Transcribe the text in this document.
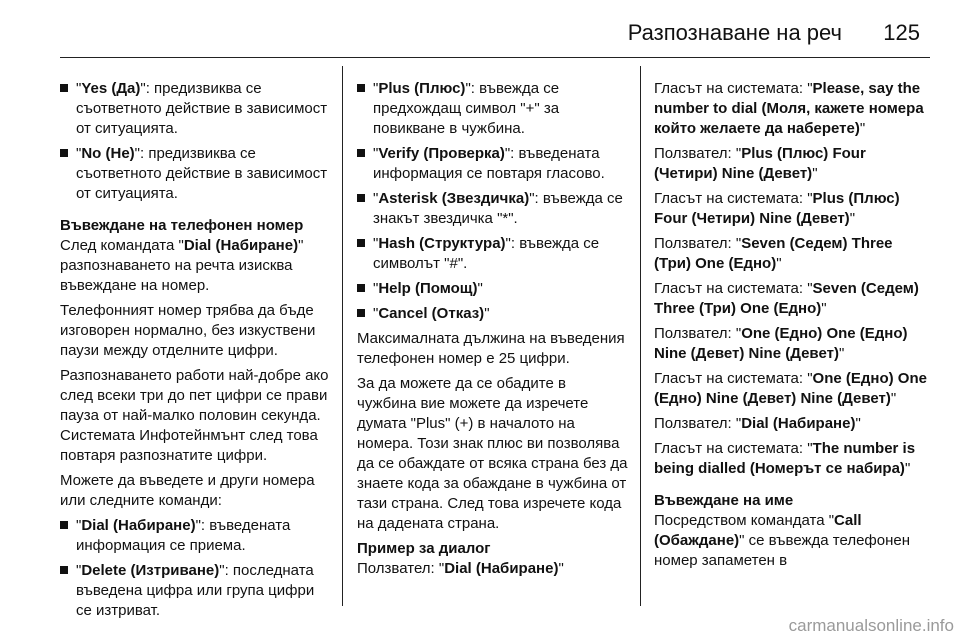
Разпознаване на реч 125
"Yes (Да)": предизвиква се съответното действие в зависимост от ситуацията.
"No (Не)": предизвиква се съответното действие в зависимост от ситуацията.

Въвеждане на телефонен номер

След командата "Dial (Набиране)" разпознаването на речта изисква въвеждане на номер.

Телефонният номер трябва да бъде изговорен нормално, без изкуствени паузи между отделните цифри.

Разпознаването работи най-добре ако след всеки три до пет цифри се прави пауза от най-малко половин секунда. Системата Инфотейнмънт след това повтаря разпознатите цифри.

Можете да въведете и други номера или следните команди:

"Dial (Набиране)": въведената информация се приема.
"Delete (Изтриване)": последната въведена цифра или група цифри се изтриват.
"Plus (Плюс)": въвежда се предхождащ символ "+" за повикване в чужбина.
"Verify (Проверка)": въведената информация се повтаря гласово.
"Asterisk (Звездичка)": въвежда се знакът звездичка "*".
"Hash (Структура)": въвежда се символът "#".
"Help (Помощ)"
"Cancel (Отказ)"

Максималната дължина на въведения телефонен номер е 25 цифри.

За да можете да се обадите в чужбина вие можете да изречете думата "Plus" (+) в началото на номера. Този знак плюс ви позволява да се обаждате от всяка страна без да знаете кода за обаждане в чужбина от тази страна. След това изречете кода на дадената страна.

Пример за диалог

Ползвател: "Dial (Набиране)"

Гласът на системата: "Please, say the number to dial (Моля, кажете номера който желаете да наберете)"

Ползвател: "Plus (Плюс) Four (Четири) Nine (Девет)"

Гласът на системата: "Plus (Плюс) Four (Четири) Nine (Девет)"

Ползвател: "Seven (Седем) Three (Три) One (Едно)"

Гласът на системата: "Seven (Седем) Three (Три) One (Едно)"

Ползвател: "One (Едно) One (Едно) Nine (Девет) Nine (Девет)"

Гласът на системата: "One (Едно) One (Едно) Nine (Девет) Nine (Девет)"

Ползвател: "Dial (Набиране)"

Гласът на системата: "The number is being dialled (Номерът се набира)"

Въвеждане на име

Посредством командата "Call (Обаждане)" се въвежда телефонен номер запаметен в

carmanualsonline.info
